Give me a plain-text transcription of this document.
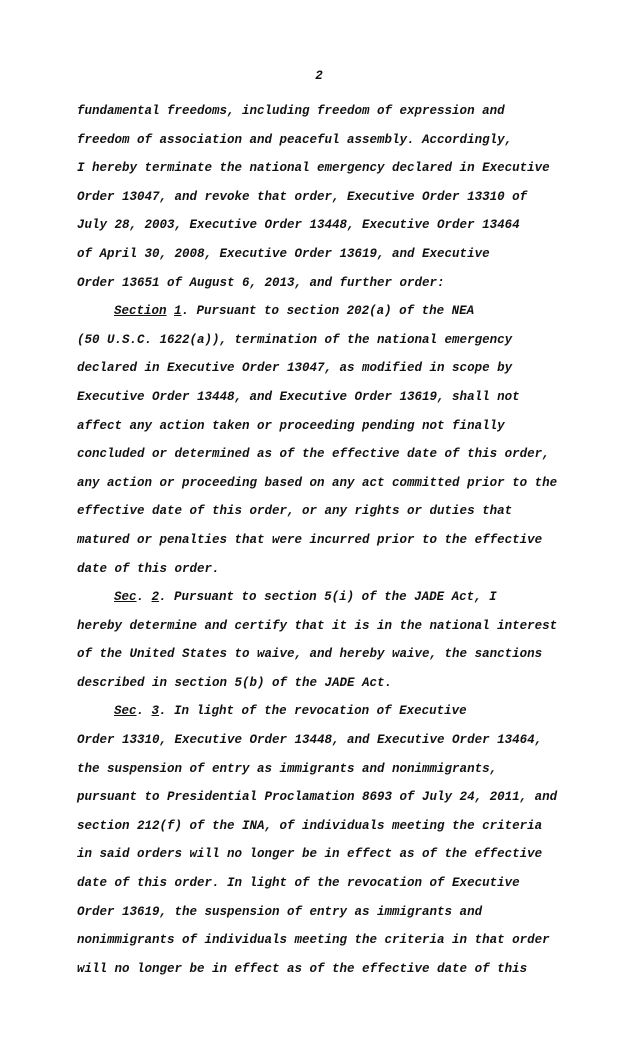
2
fundamental freedoms, including freedom of expression and
freedom of association and peaceful assembly. Accordingly,
I hereby terminate the national emergency declared in Executive
Order 13047, and revoke that order, Executive Order 13310 of
July 28, 2003, Executive Order 13448, Executive Order 13464
of April 30, 2008, Executive Order 13619, and Executive
Order 13651 of August 6, 2013, and further order:
Section 1. Pursuant to section 202(a) of the NEA
(50 U.S.C. 1622(a)), termination of the national emergency
declared in Executive Order 13047, as modified in scope by
Executive Order 13448, and Executive Order 13619, shall not
affect any action taken or proceeding pending not finally
concluded or determined as of the effective date of this order,
any action or proceeding based on any act committed prior to the
effective date of this order, or any rights or duties that
matured or penalties that were incurred prior to the effective
date of this order.
Sec. 2. Pursuant to section 5(i) of the JADE Act, I
hereby determine and certify that it is in the national interest
of the United States to waive, and hereby waive, the sanctions
described in section 5(b) of the JADE Act.
Sec. 3. In light of the revocation of Executive
Order 13310, Executive Order 13448, and Executive Order 13464,
the suspension of entry as immigrants and nonimmigrants,
pursuant to Presidential Proclamation 8693 of July 24, 2011, and
section 212(f) of the INA, of individuals meeting the criteria
in said orders will no longer be in effect as of the effective
date of this order. In light of the revocation of Executive
Order 13619, the suspension of entry as immigrants and
nonimmigrants of individuals meeting the criteria in that order
will no longer be in effect as of the effective date of this
